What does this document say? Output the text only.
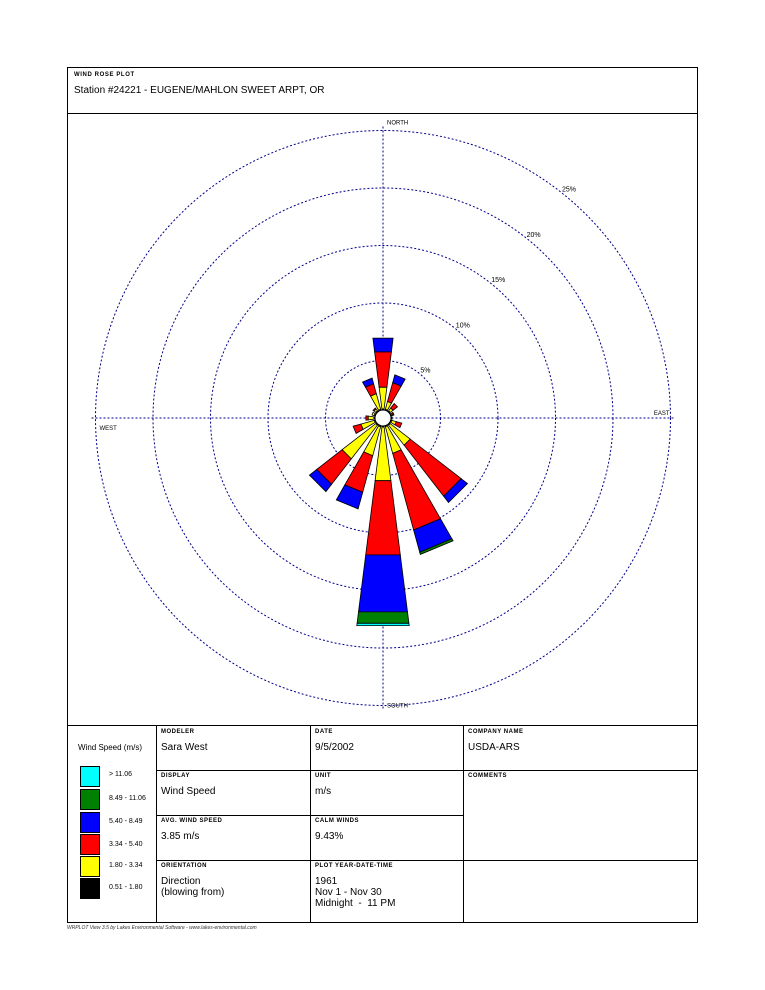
WIND ROSE PLOT
Station #24221 - EUGENE/MAHLON SWEET ARPT, OR
5%
10%
15%
20%
25%
NORTH
SOUTH
EAST
WEST
Wind Speed (m/s)
> 11.06
8.49 - 11.06
5.40 - 8.49
3.34 - 5.40
1.80 - 3.34
0.51 - 1.80
MODELER
Sara West
DATE
9/5/2002
COMPANY NAME
USDA-ARS
DISPLAY
Wind Speed
UNIT
m/s
COMMENTS
AVG. WIND SPEED
3.85 m/s
CALM WINDS
9.43%
ORIENTATION
Direction
(blowing from)
PLOT YEAR-DATE-TIME
1961
Nov 1 - Nov 30
Midnight  -  11 PM
WRPLOT View 3.5 by Lakes Environmental Software - www.lakes-environmental.com
